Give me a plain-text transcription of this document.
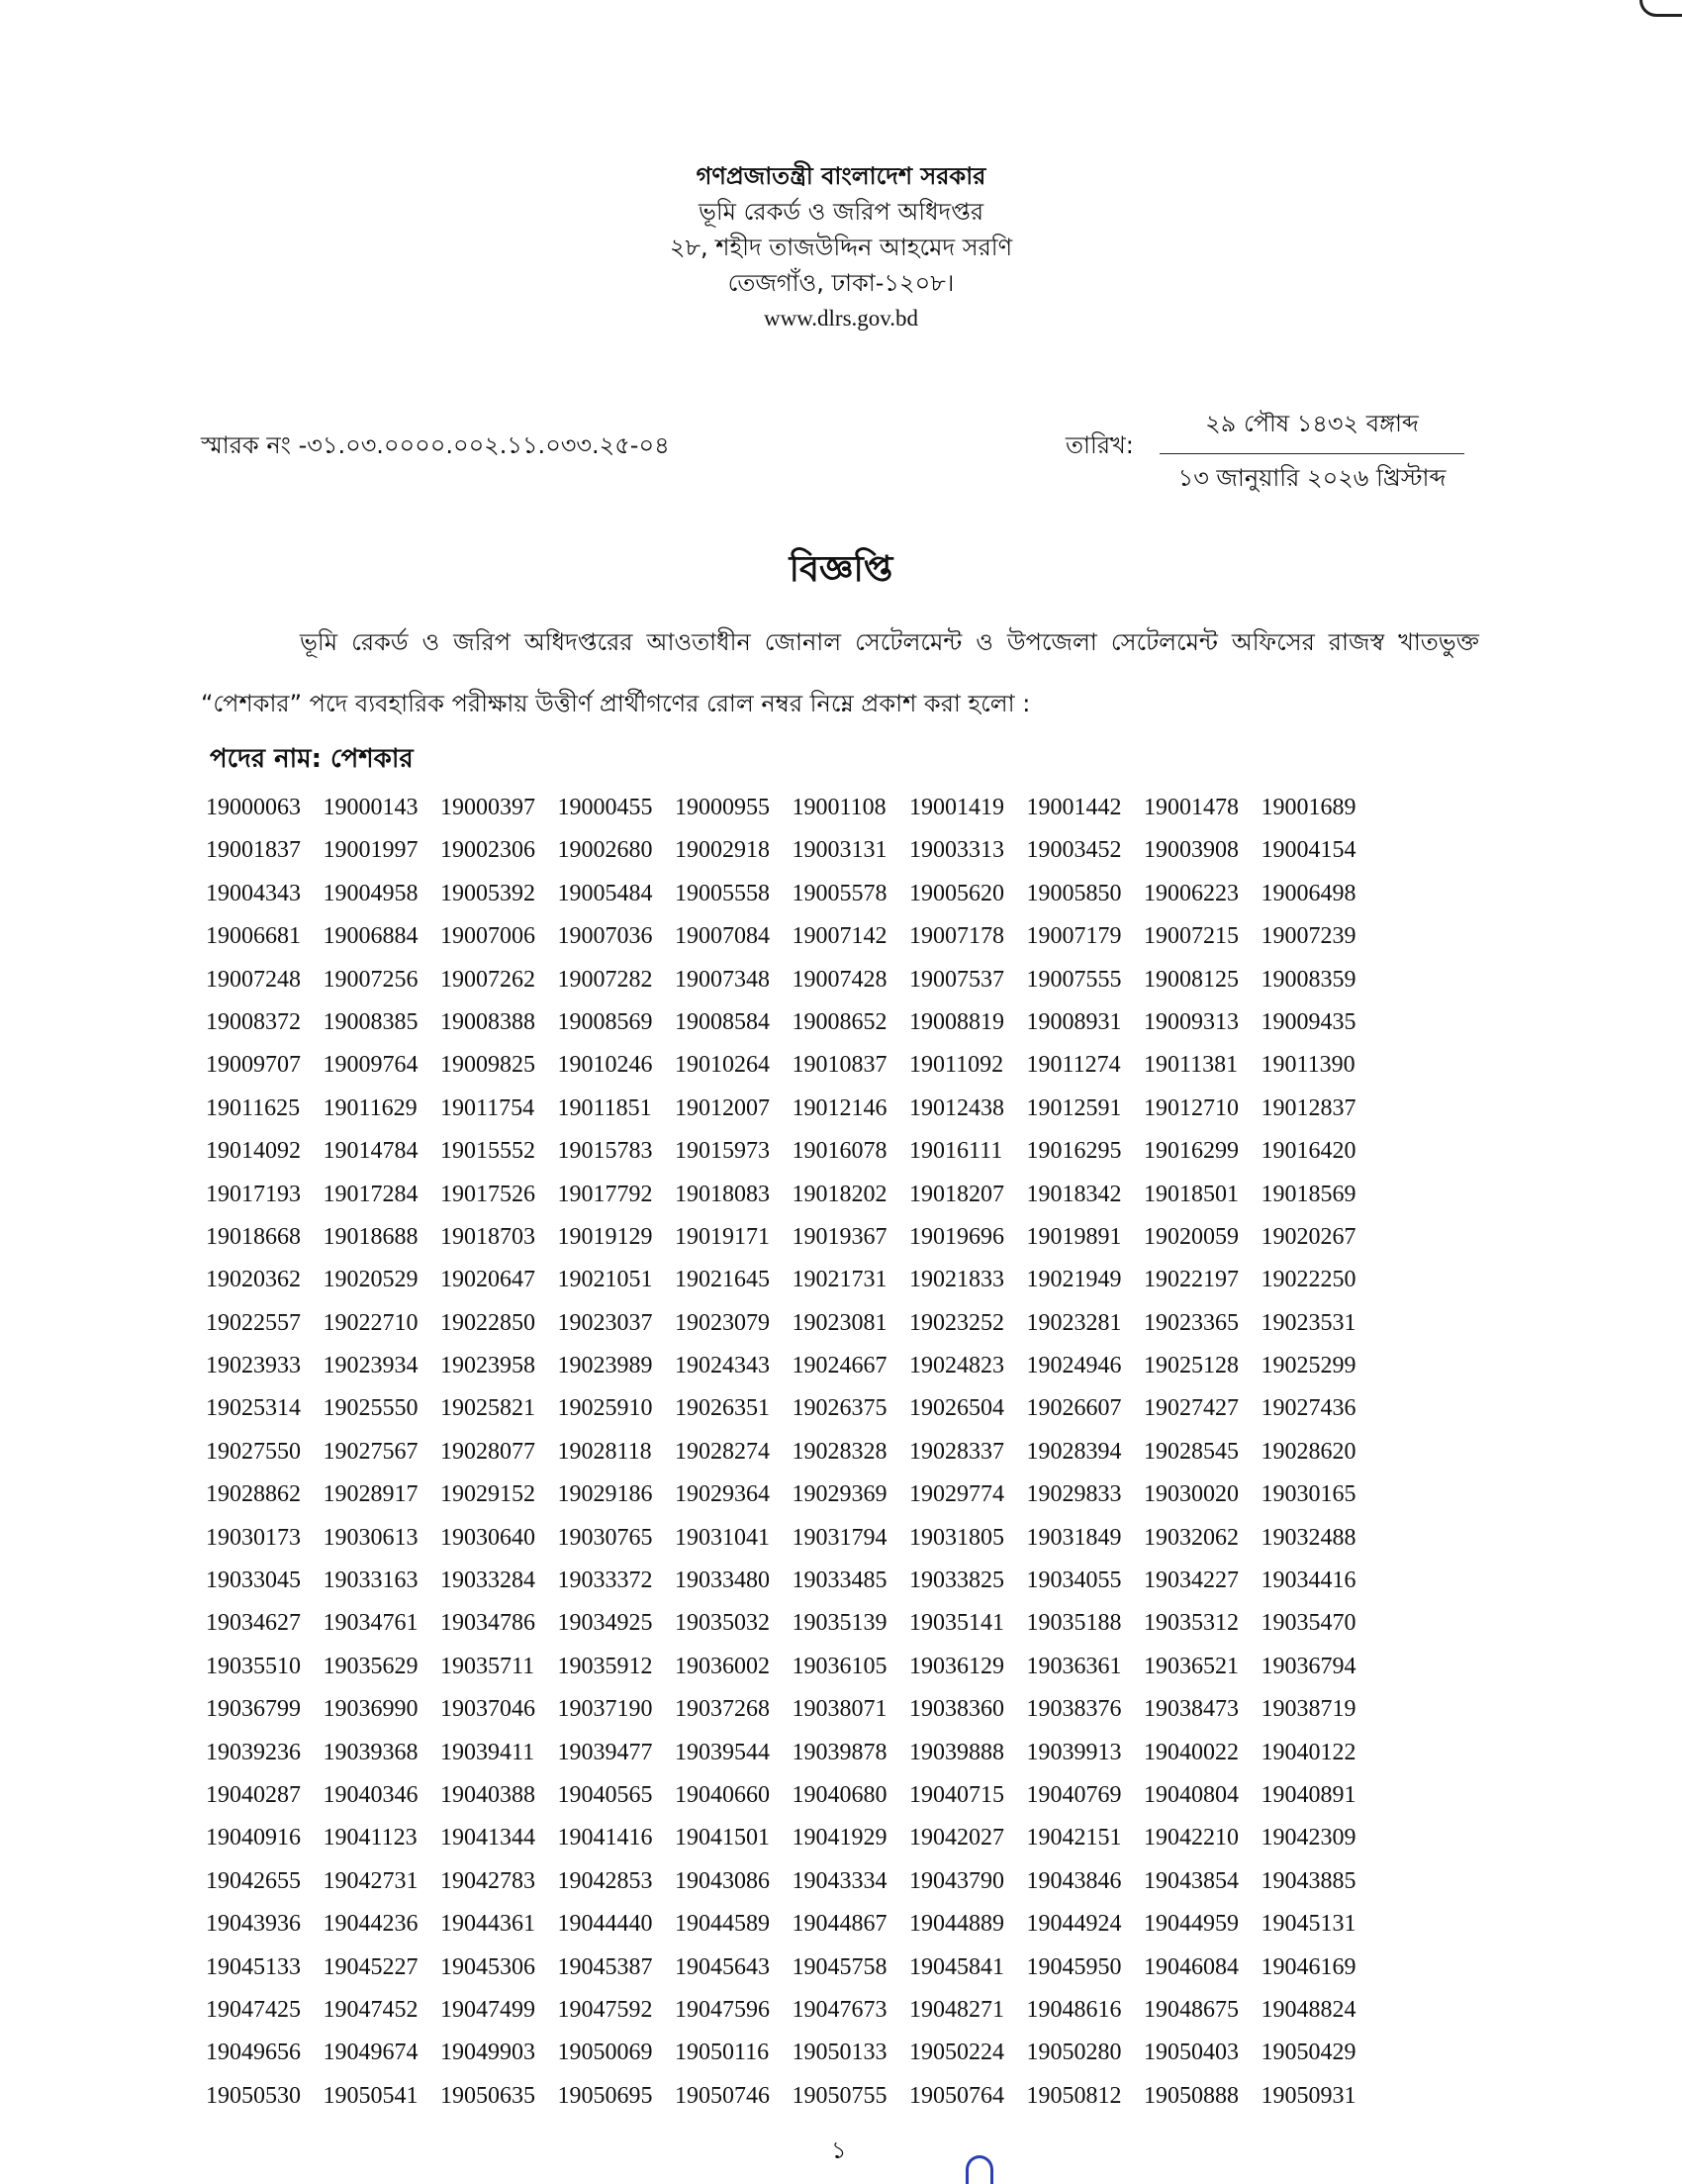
গণপ্রজাতন্ত্রী বাংলাদেশ সরকার
ভূমি রেকর্ড ও জরিপ অধিদপ্তর
২৮, শহীদ তাজউদ্দিন আহমেদ সরণি
তেজগাঁও, ঢাকা-১২০৮।
www.dlrs.gov.bd
স্মারক নং -৩১.০৩.০০০০.০০২.১১.০৩৩.২৫-০৪	তারিখ:
২৯ পৌষ ১৪৩২ বঙ্গাব্দ
১৩ জানুয়ারি ২০২৬ খ্রিস্টাব্দ
বিজ্ঞপ্তি
ভূমি রেকর্ড ও জরিপ অধিদপ্তরের আওতাধীন জোনাল সেটেলমেন্ট ও উপজেলা সেটেলমেন্ট অফিসের রাজস্ব খাতভুক্ত “পেশকার” পদে ব্যবহারিক পরীক্ষায় উত্তীর্ণ প্রার্থীগণের রোল নম্বর নিম্নে প্রকাশ করা হলো :
পদের নাম: পেশকার
19000063 19000143 19000397 19000455 19000955 19001108 19001419 19001442 19001478 19001689
19001837 19001997 19002306 19002680 19002918 19003131 19003313 19003452 19003908 19004154
19004343 19004958 19005392 19005484 19005558 19005578 19005620 19005850 19006223 19006498
19006681 19006884 19007006 19007036 19007084 19007142 19007178 19007179 19007215 19007239
19007248 19007256 19007262 19007282 19007348 19007428 19007537 19007555 19008125 19008359
19008372 19008385 19008388 19008569 19008584 19008652 19008819 19008931 19009313 19009435
19009707 19009764 19009825 19010246 19010264 19010837 19011092 19011274 19011381 19011390
19011625 19011629 19011754 19011851 19012007 19012146 19012438 19012591 19012710 19012837
19014092 19014784 19015552 19015783 19015973 19016078 19016111	19016295 19016299 19016420
19017193 19017284 19017526 19017792 19018083 19018202 19018207 19018342 19018501 19018569
19018668 19018688 19018703 19019129 19019171 19019367 19019696 19019891 19020059 19020267
19020362 19020529 19020647 19021051 19021645 19021731 19021833 19021949 19022197 19022250
19022557 19022710 19022850 19023037 19023079 19023081 19023252 19023281 19023365 19023531
19023933 19023934 19023958 19023989 19024343 19024667 19024823 19024946 19025128 19025299
19025314 19025550 19025821 19025910 19026351 19026375 19026504 19026607 19027427 19027436
19027550 19027567 19028077 19028118 19028274 19028328 19028337 19028394 19028545 19028620
19028862 19028917 19029152 19029186 19029364 19029369 19029774 19029833 19030020 19030165
19030173 19030613 19030640 19030765 19031041 19031794 19031805 19031849 19032062 19032488
19033045 19033163 19033284 19033372 19033480 19033485 19033825 19034055 19034227 19034416
19034627 19034761 19034786 19034925 19035032 19035139 19035141 19035188 19035312 19035470
19035510 19035629 19035711 19035912 19036002 19036105 19036129 19036361 19036521 19036794
19036799 19036990 19037046 19037190 19037268 19038071 19038360 19038376 19038473 19038719
19039236 19039368 19039411 19039477 19039544 19039878 19039888 19039913 19040022 19040122
19040287 19040346 19040388 19040565 19040660 19040680 19040715 19040769 19040804 19040891
19040916 19041123 19041344 19041416 19041501 19041929 19042027 19042151 19042210 19042309
19042655 19042731 19042783 19042853 19043086 19043334 19043790 19043846 19043854 19043885
19043936 19044236 19044361 19044440 19044589 19044867 19044889 19044924 19044959 19045131
19045133 19045227 19045306 19045387 19045643 19045758 19045841 19045950 19046084 19046169
19047425 19047452 19047499 19047592 19047596 19047673 19048271 19048616 19048675 19048824
19049656 19049674 19049903 19050069 19050116 19050133 19050224 19050280 19050403 19050429
19050530 19050541 19050635 19050695 19050746 19050755 19050764 19050812 19050888 19050931
১
